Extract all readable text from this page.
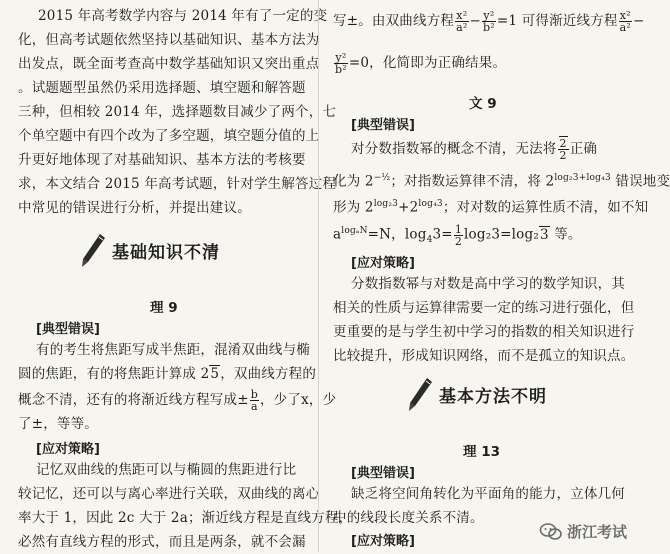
2015 年高考数学内容与 2014 年有了一定的变

化，但高考试题依然坚持以基础知识、基本方法为

出发点，既全面考查高中数学基础知识又突出重点

。试题题型虽然仍采用选择题、填空题和解答题

三种，但相较 2014 年，选择题数目减少了两个，七

个单空题中有四个改为了多空题，填空题分值的上

升更好地体现了对基础知识、基本方法的考核要

求，本文结合 2015 年高考试题，针对学生解答过程

中常见的错误进行分析，并提出建议。

基础知识不清
理 9
[典型错误]

有的考生将焦距写成半焦距，混淆双曲线与椭

圆的焦距，有的将焦距计算成 25，双曲线方程的

概念不清，还有的将渐近线方程写成± $\frac{b}{a}$ ，少了x，少

了±，等等。

[应对策略]

记忆双曲线的焦距可以与椭圆的焦距进行比

较记忆，还可以与离心率进行关联，双曲线的离心

率大于 1，因此 2c 大于 2a；渐近线方程是直线方程，

必然有直线方程的形式，而且是两条，就不会漏

写±。由双曲线方程 $\frac{\text{x²}}{\text{a²}} - \frac{\text{y²}}{\text{b²}} =1$ 可得渐近线方程 $\frac{\text{x²}}{\text{a²}}$ −

$\frac{\text{y²}}{\text{b²}} =0$，化简即为正确结果。

文 9
[典型错误]

对分数指数幂的概念不清，无法将 $\frac{2}{2}$ 正确

化为 $2^{-\frac{1}{2}}$；对指数运算律不清，将 $2^{log_23+log_43}$ 错误地变

形为 $2^{log_23}+2^{log_43}$；对对数的运算性质不清，如不知

$a^{log_aN}=N$，$\log_43= \frac{1}{2} \log_23=\log_23$ 等。

[应对策略]

分数指数幂与对数是高中学习的数学知识，其

相关的性质与运算律需要一定的练习进行强化，但

更重要的是与学生初中学习的指数的相关知识进行

比较提升，形成知识网络，而不是孤立的知识点。

基本方法不明
理 13
[典型错误]

缺乏将空间角转化为平面角的能力，立体几何

中的线段长度关系不清。

[应对策略]
浙江考试
